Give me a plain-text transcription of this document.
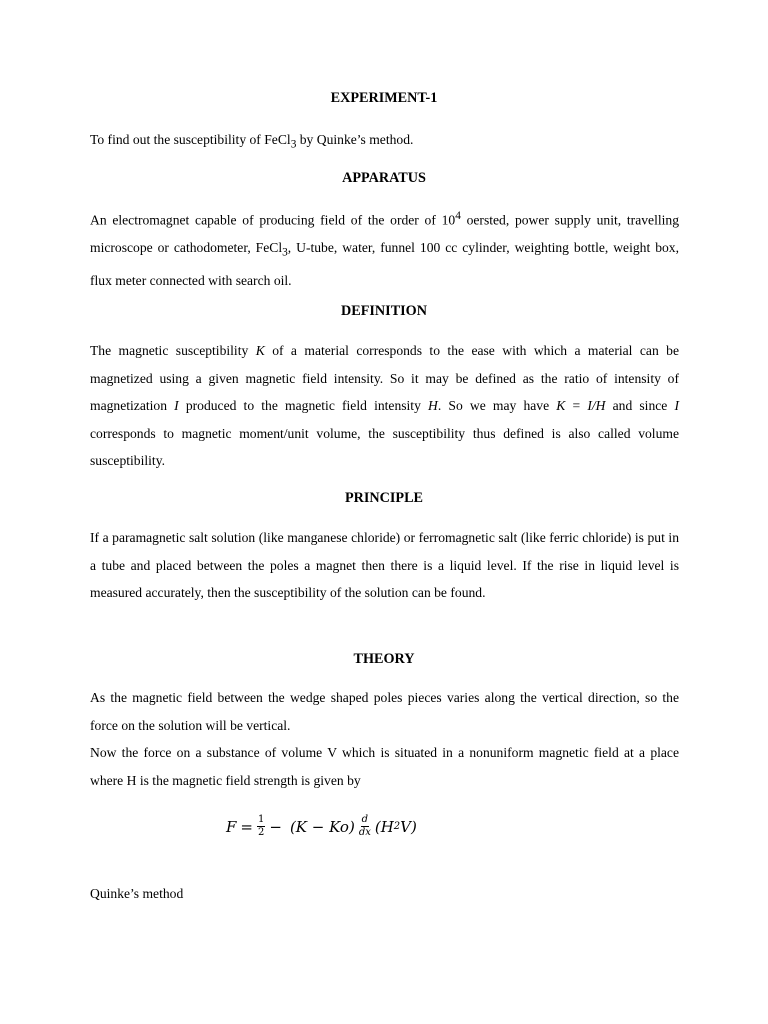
EXPERIMENT-1

To find out the susceptibility of FeCl$_3$ by Quinke’s method.

APPARATUS

An electromagnet capable of producing field of the order of $10^4$ oersted, power supply unit, travelling microscope or cathodometer, FeCl$_3$, U-tube, water, funnel 100 cc cylinder, weighting bottle, weight box, flux meter connected with search oil.

DEFINITION

The magnetic susceptibility K of a material corresponds to the ease with which a material can be magnetized using a given magnetic field intensity. So it may be defined as the ratio of intensity of magnetization I produced to the magnetic field intensity H. So we may have K = I/H and since I corresponds to magnetic moment/unit volume, the susceptibility thus defined is also called volume susceptibility.

PRINCIPLE

If a paramagnetic salt solution (like manganese chloride) or ferromagnetic salt (like ferric chloride) is put in a tube and placed between the poles a magnet then there is a liquid level. If the rise in liquid level is measured accurately, then the susceptibility of the solution can be found.

THEORY

As the magnetic field between the wedge shaped poles pieces varies along the vertical direction, so the force on the solution will be vertical.

Now the force on a substance of volume V which is situated in a nonuniform magnetic field at a place where H is the magnetic field strength is given by

$F = \frac{1}{2} - (K - Ko) \frac{d}{dx} (H$ 2 V)

Quinke’s method
